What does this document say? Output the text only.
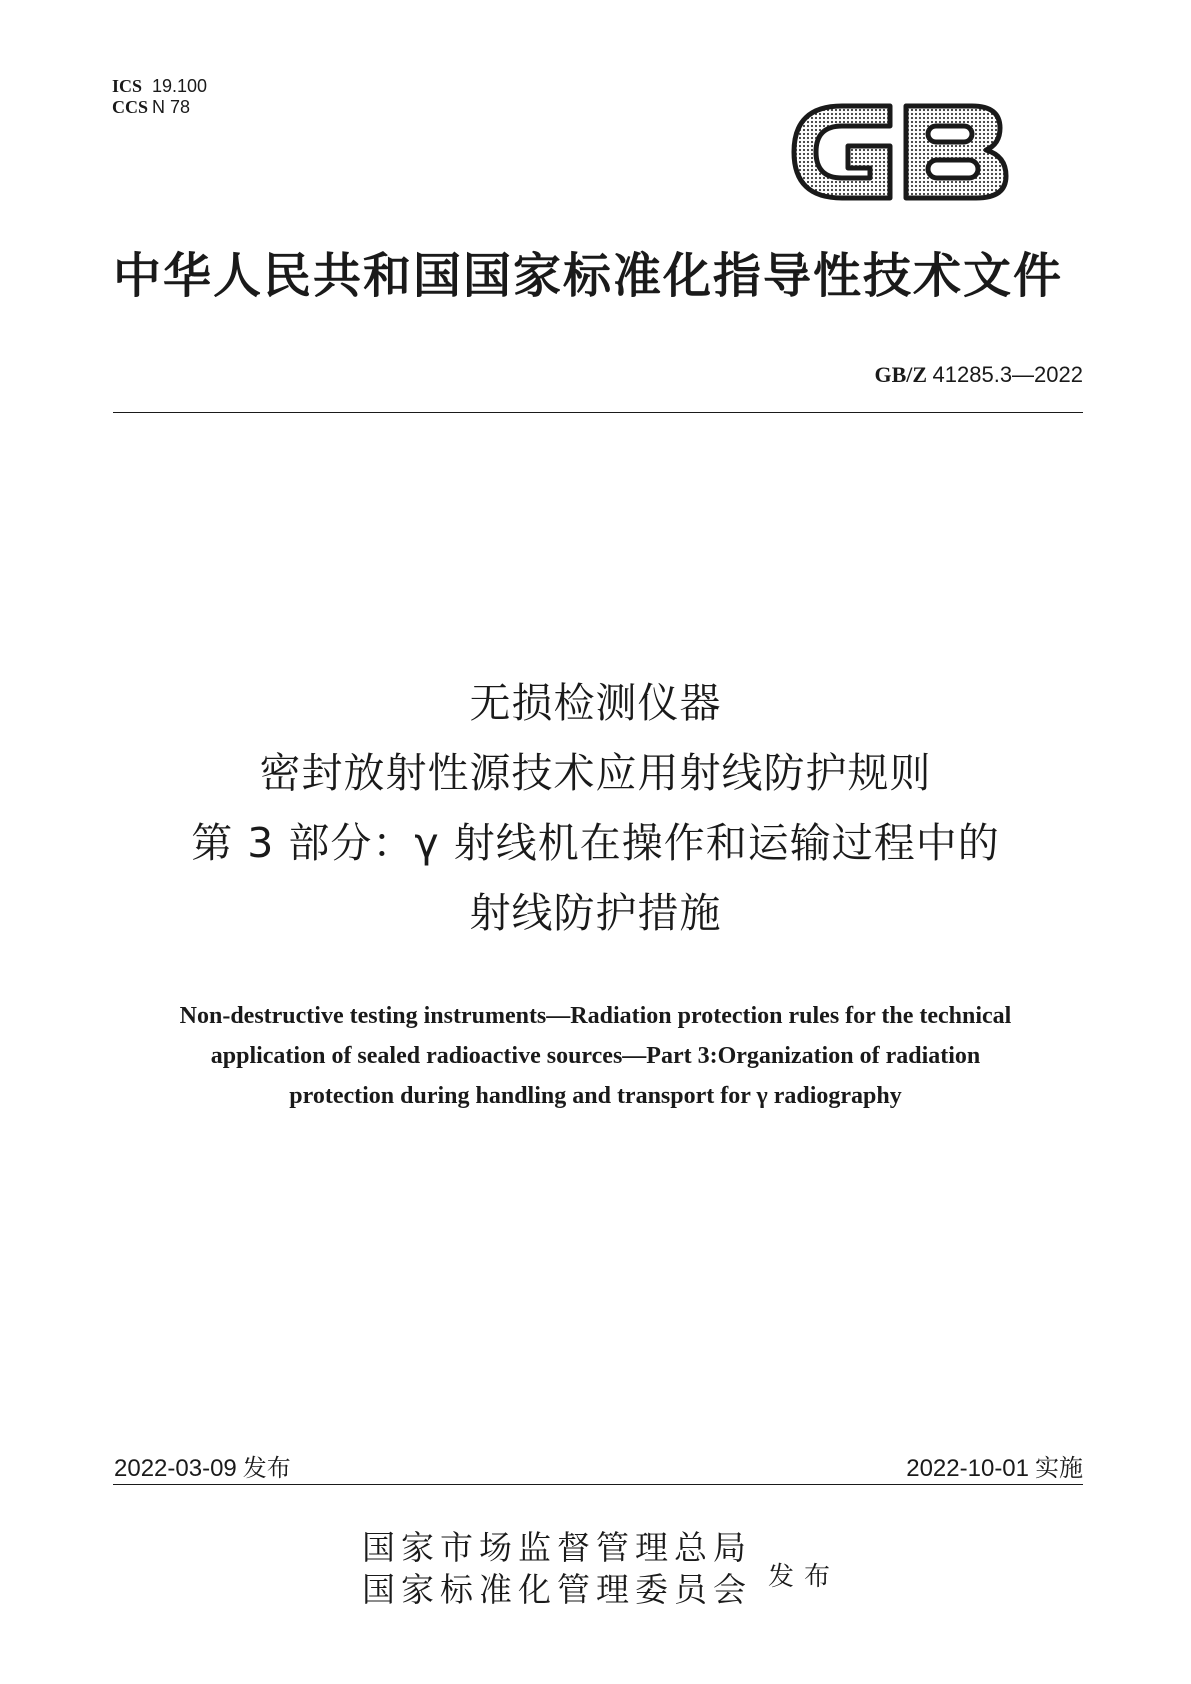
ICS 19.100
CCS N 78
中华人民共和国国家标准化指导性技术文件
GB/Z 41285.3—2022
无损检测仪器
密封放射性源技术应用射线防护规则
第 3 部分：γ 射线机在操作和运输过程中的
射线防护措施
Non-destructive testing instruments—Radiation protection rules for the technical
application of sealed radioactive sources—Part 3:Organization of radiation
protection during handling and transport for γ radiography
2022-03-09 发布	2022-10-01 实施
国家市场监督管理总局
国家标准化管理委员会 发布
